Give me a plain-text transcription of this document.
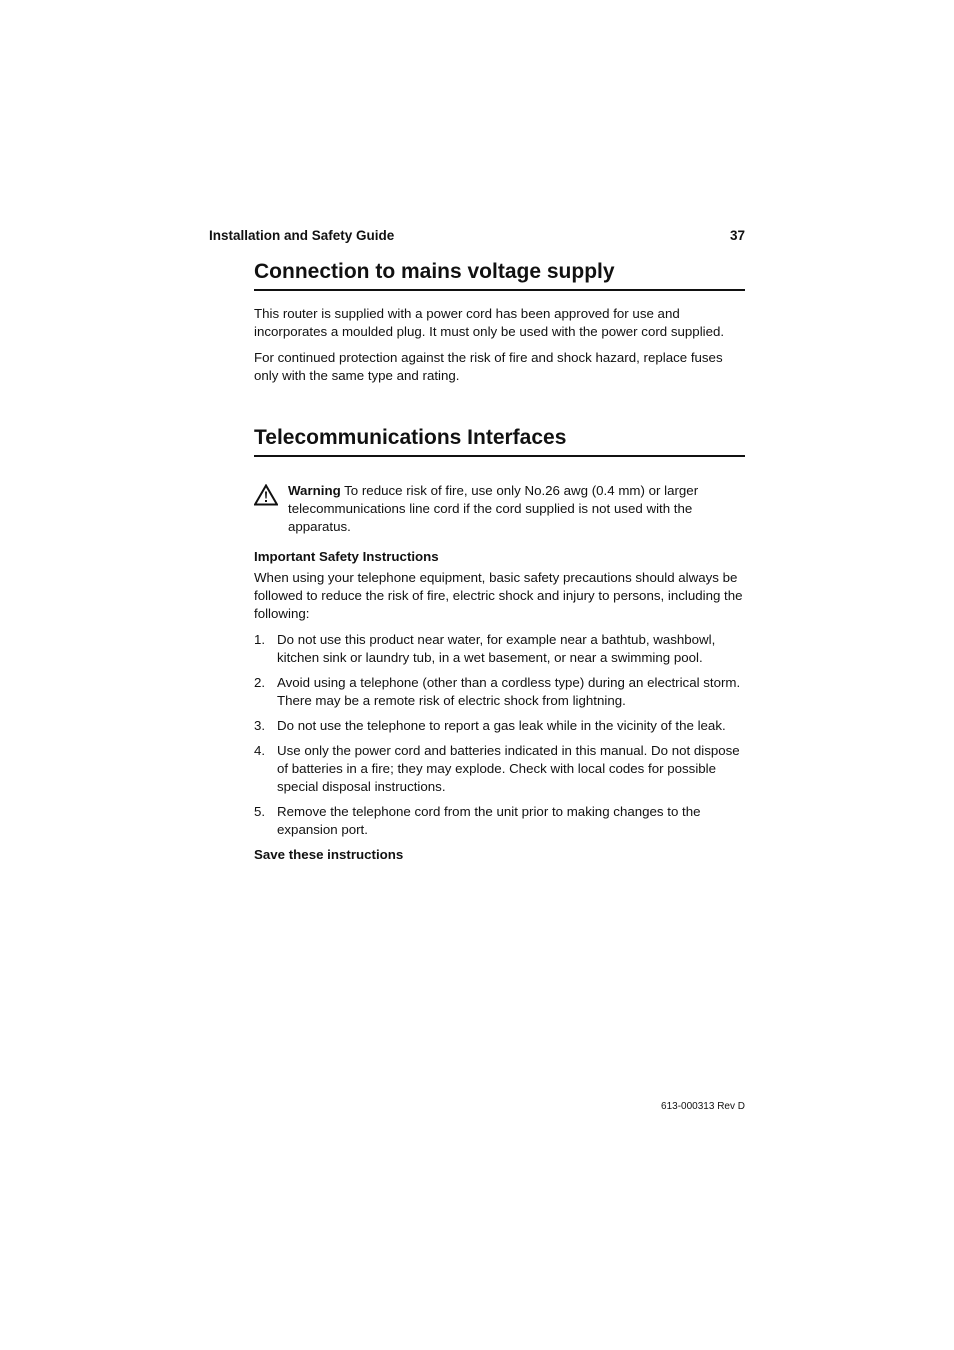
Installation and Safety Guide	37
Connection to mains voltage supply

This router is supplied with a power cord has been approved for use and incorporates a moulded plug. It must only be used with the power cord supplied.

For continued protection against the risk of fire and shock hazard, replace fuses only with the same type and rating.

Telecommunications Interfaces

Warning To reduce risk of fire, use only No.26 awg (0.4 mm) or larger telecommunications line cord if the cord supplied is not used with the apparatus.

Important Safety Instructions

When using your telephone equipment, basic safety precautions should always be followed to reduce the risk of fire, electric shock and injury to persons, including the following:

1. Do not use this product near water, for example near a bathtub, washbowl, kitchen sink or laundry tub, in a wet basement, or near a swimming pool.
2. Avoid using a telephone (other than a cordless type) during an electrical storm. There may be a remote risk of electric shock from lightning.
3. Do not use the telephone to report a gas leak while in the vicinity of the leak.
4. Use only the power cord and batteries indicated in this manual. Do not dispose of batteries in a fire; they may explode. Check with local codes for possible special disposal instructions.
5. Remove the telephone cord from the unit prior to making changes to the expansion port.
Save these instructions
613-000313 Rev D
